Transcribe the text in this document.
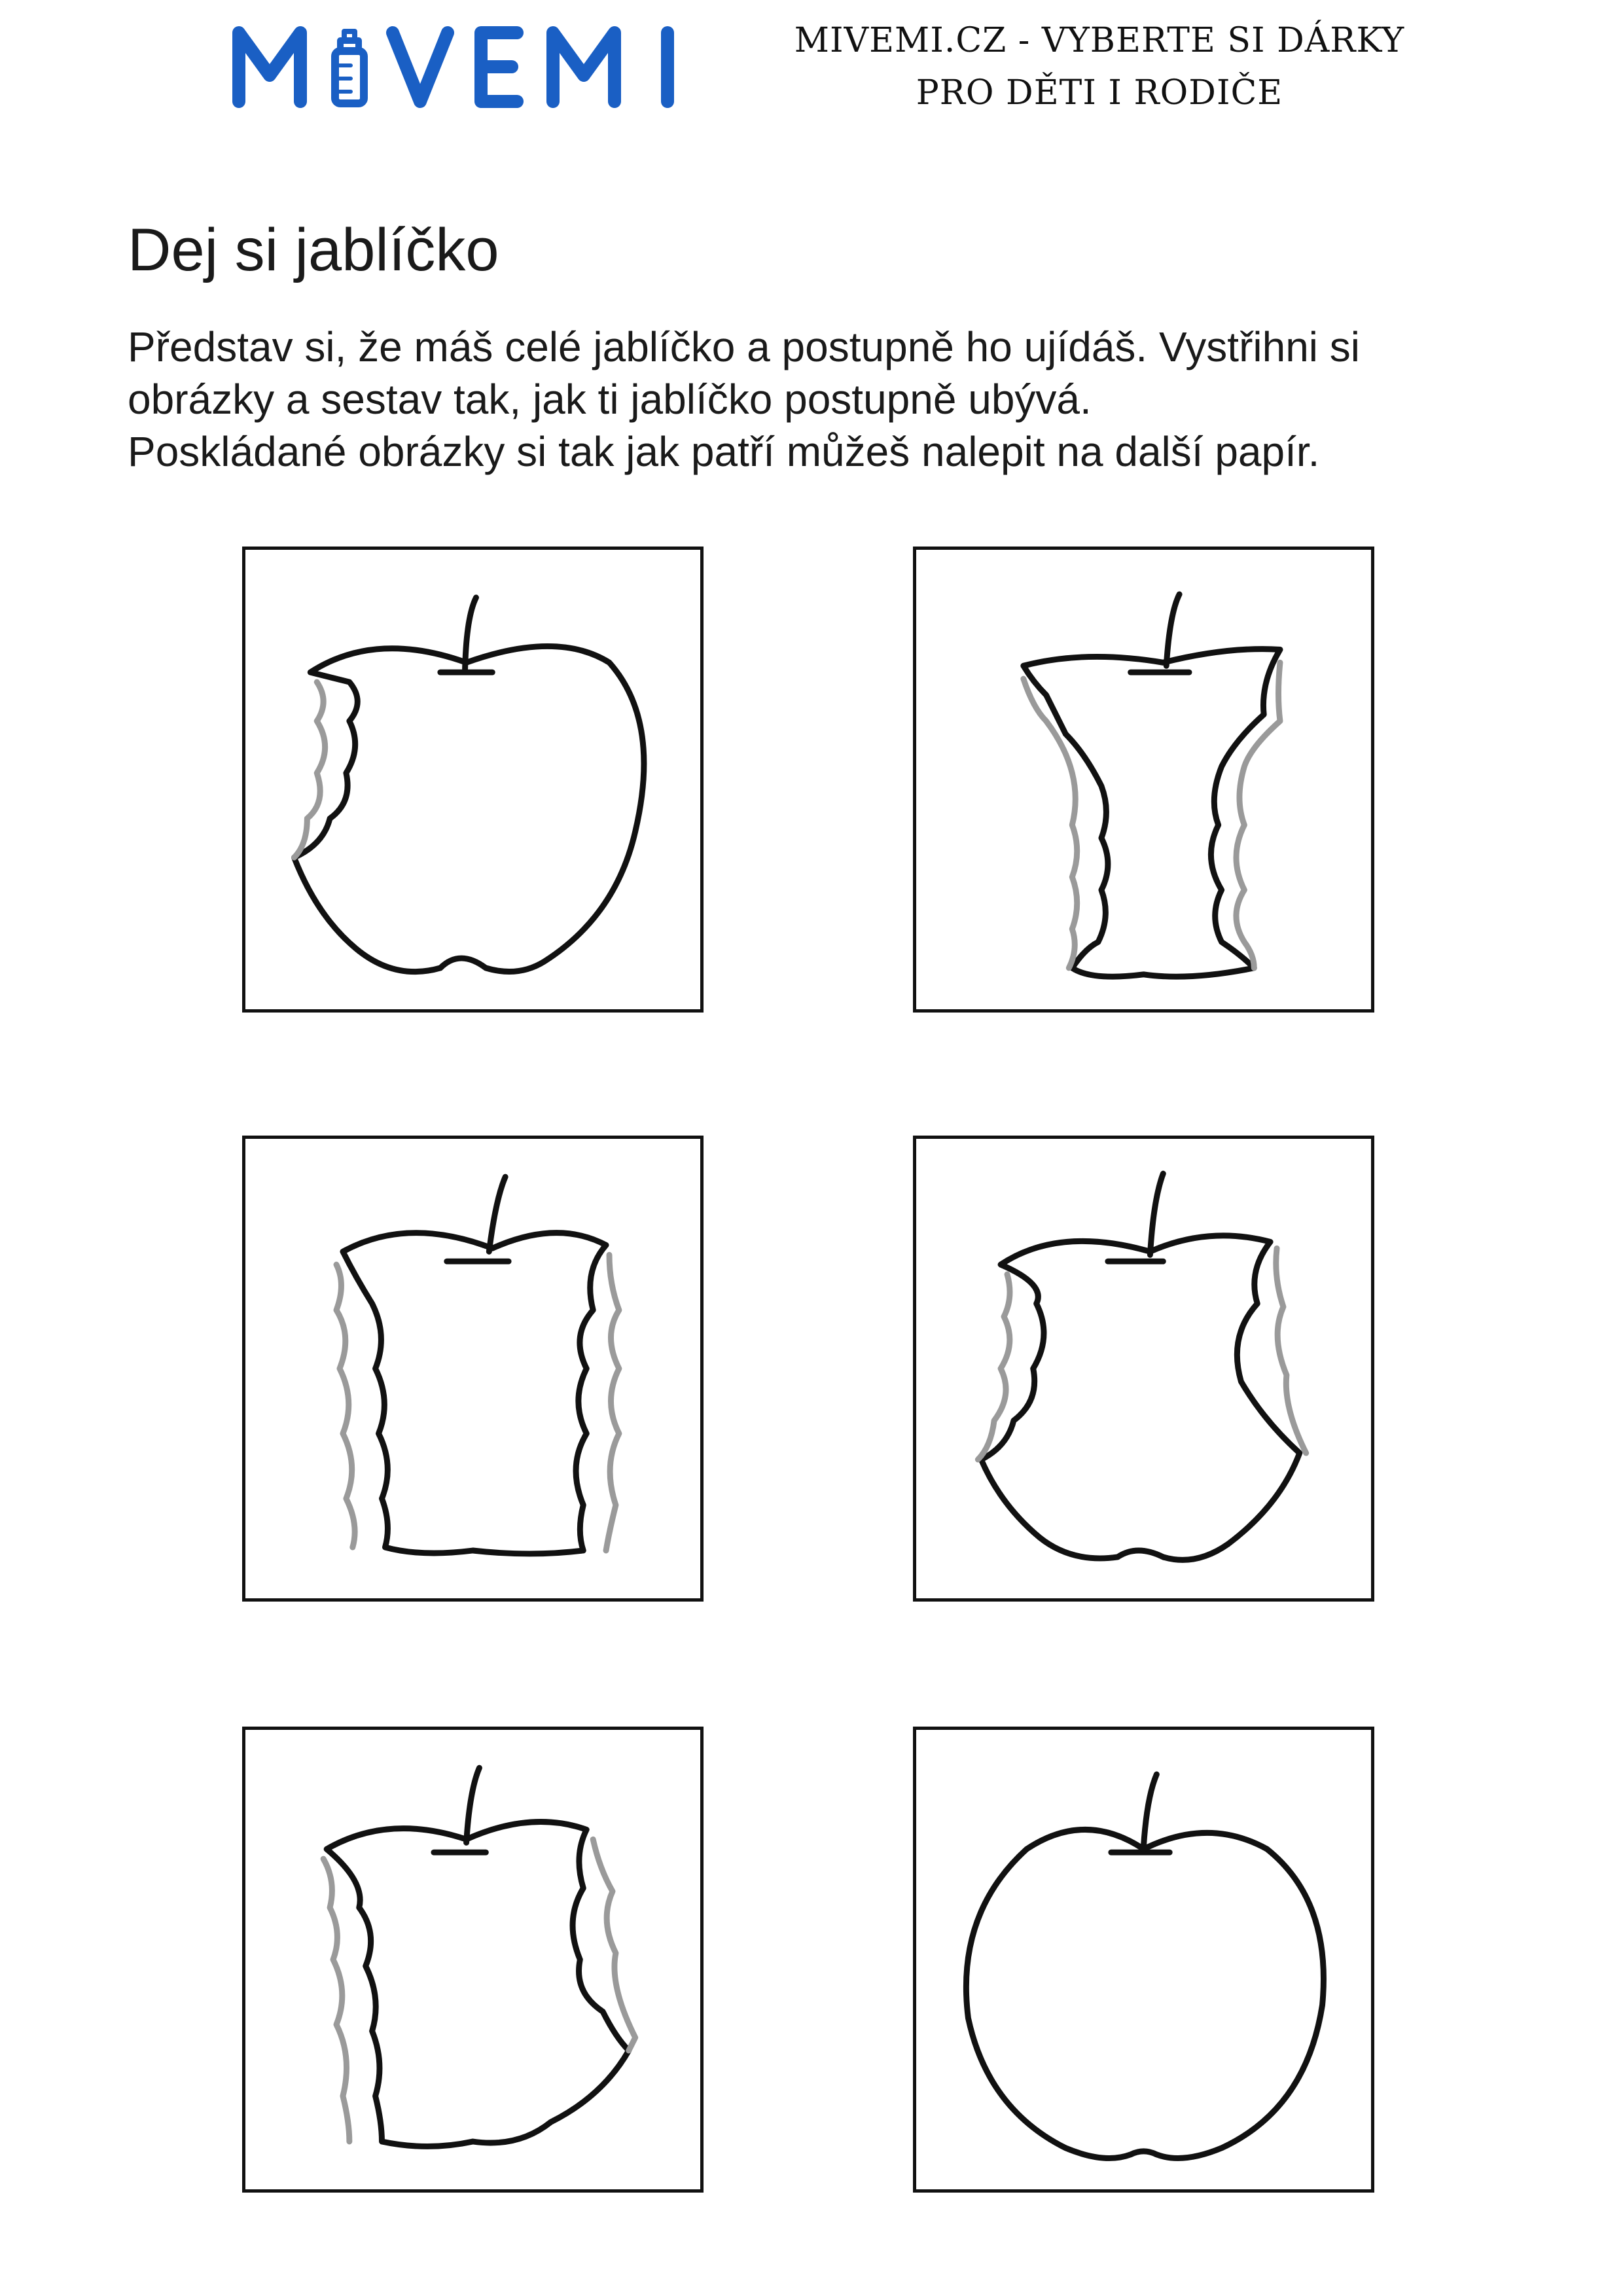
MIVEMI.CZ - VYBERTE SI DÁRKY
PRO DĚTI I RODIČE
Dej si jablíčko

Představ si, že máš celé jablíčko a postupně ho ujídáš. Vystřihni si

obrázky a sestav tak, jak ti jablíčko postupně ubývá.

Poskládané obrázky si tak jak patří můžeš nalepit na další papír.
